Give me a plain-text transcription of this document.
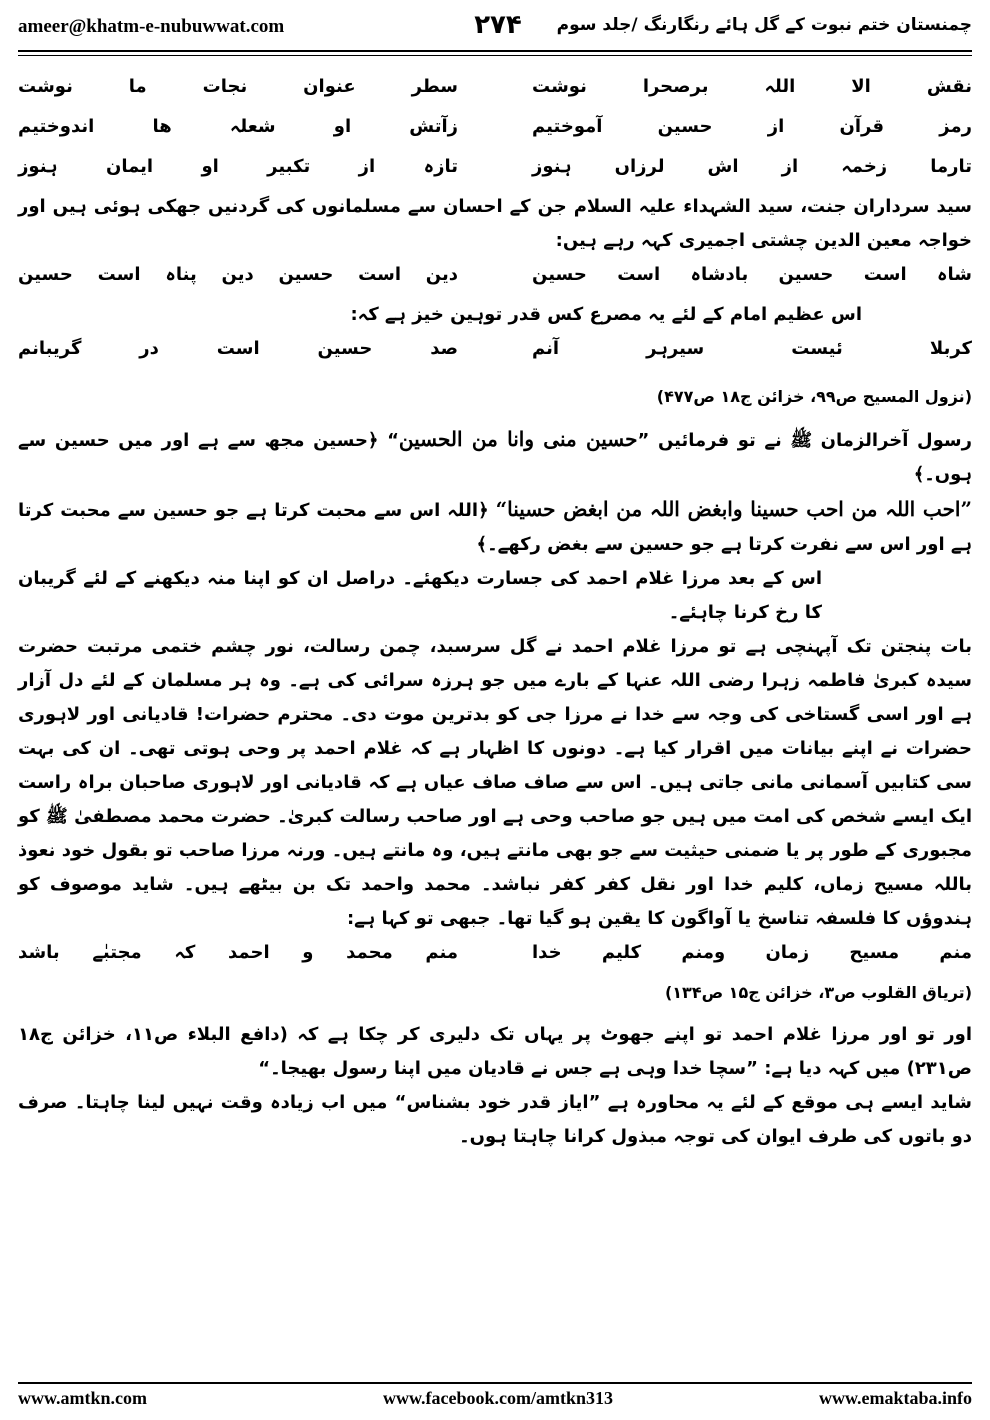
ameer@khatm-e-nubuwwat.com	۲۷۴	چمنستان ختم نبوت کے گل ہائے رنگارنگ /جلد سوم
نقش
الا
اللہ
برصحرا
نوشت
سطر
عنوان
نجات
ما
نوشت
رمز
قرآن
از
حسین
آموختیم
زآتش
او
شعلہ
ھا
اندوختیم
تارما
زخمہ
از
اش
لرزاں
ہنوز
تازہ
از
تکبیر
او
ایمان
ہنوز

سید سرداران جنت، سید الشہداء علیہ السلام جن کے احسان سے مسلمانوں کی گردنیں جھکی ہوئی ہیں اور خواجہ معین الدین چشتی اجمیری کہہ رہے ہیں:

شاہ
است
حسین
بادشاہ
است
حسین
دین
است
حسین
دین
پناہ
است
حسین

اس عظیم امام کے لئے یہ مصرع کس قدر توہین خیز ہے کہ:

کربلا
ئیست
سیرہر
آنم
صد
حسین
است
در
گریبانم

(نزول المسیح ص۹۹، خزائن ج۱۸ ص۴۷۷)

رسول آخرالزمان ﷺ نے تو فرمائیں ”حسین منی وانا من الحسین“ ﴿حسین مجھ سے ہے اور میں حسین سے ہوں۔﴾

”احب اللہ من احب حسینا وابغض اللہ من ابغض حسینا“ ﴿اللہ اس سے محبت کرتا ہے جو حسین سے محبت کرتا ہے اور اس سے نفرت کرتا ہے جو حسین سے بغض رکھے۔﴾

اس کے بعد مرزا غلام احمد کی جسارت دیکھئے۔ دراصل ان کو اپنا منہ دیکھنے کے لئے گریبان کا رخ کرنا چاہئے۔

بات پنجتن تک آپہنچی ہے تو مرزا غلام احمد نے گل سرسبد، چمن رسالت، نور چشم ختمی مرتبت حضرت سیدہ کبریٰ فاطمہ زہرا رضی اللہ عنہا کے بارے میں جو ہرزہ سرائی کی ہے۔ وہ ہر مسلمان کے لئے دل آزار ہے اور اسی گستاخی کی وجہ سے خدا نے مرزا جی کو بدترین موت دی۔ محترم حضرات! قادیانی اور لاہوری حضرات نے اپنے بیانات میں اقرار کیا ہے۔ دونوں کا اظہار ہے کہ غلام احمد پر وحی ہوتی تھی۔ ان کی بہت سی کتابیں آسمانی مانی جاتی ہیں۔ اس سے صاف صاف عیاں ہے کہ قادیانی اور لاہوری صاحبان براہ راست ایک ایسے شخص کی امت میں ہیں جو صاحب وحی ہے اور صاحب رسالت کبریٰ۔ حضرت محمد مصطفیٰ ﷺ کو مجبوری کے طور پر یا ضمنی حیثیت سے جو بھی مانتے ہیں، وہ مانتے ہیں۔ ورنہ مرزا صاحب تو بقول خود نعوذ باللہ مسیح زماں، کلیم خدا اور نقل کفر کفر نباشد۔ محمد واحمد تک بن بیٹھے ہیں۔ شاید موصوف کو ہندوؤں کا فلسفہ تناسخ یا آواگون کا یقین ہو گیا تھا۔ جبھی تو کہا ہے:

منم
مسیح
زمان
ومنم
کلیم
خدا
منم
محمد
و
احمد
کہ
مجتبٰے
باشد

(تریاق القلوب ص۳، خزائن ج۱۵ ص۱۳۴)

اور تو اور مرزا غلام احمد تو اپنے جھوٹ پر یہاں تک دلیری کر چکا ہے کہ (دافع البلاء ص۱۱، خزائن ج۱۸ ص۲۳۱) میں کہہ دیا ہے: ”سچا خدا وہی ہے جس نے قادیان میں اپنا رسول بھیجا۔“

شاید ایسے ہی موقع کے لئے یہ محاورہ ہے ”ایاز قدر خود بشناس“ میں اب زیادہ وقت نہیں لینا چاہتا۔ صرف دو باتوں کی طرف ایوان کی توجہ مبذول کرانا چاہتا ہوں۔

www.amtkn.com	www.facebook.com/amtkn313	www.emaktaba.info
